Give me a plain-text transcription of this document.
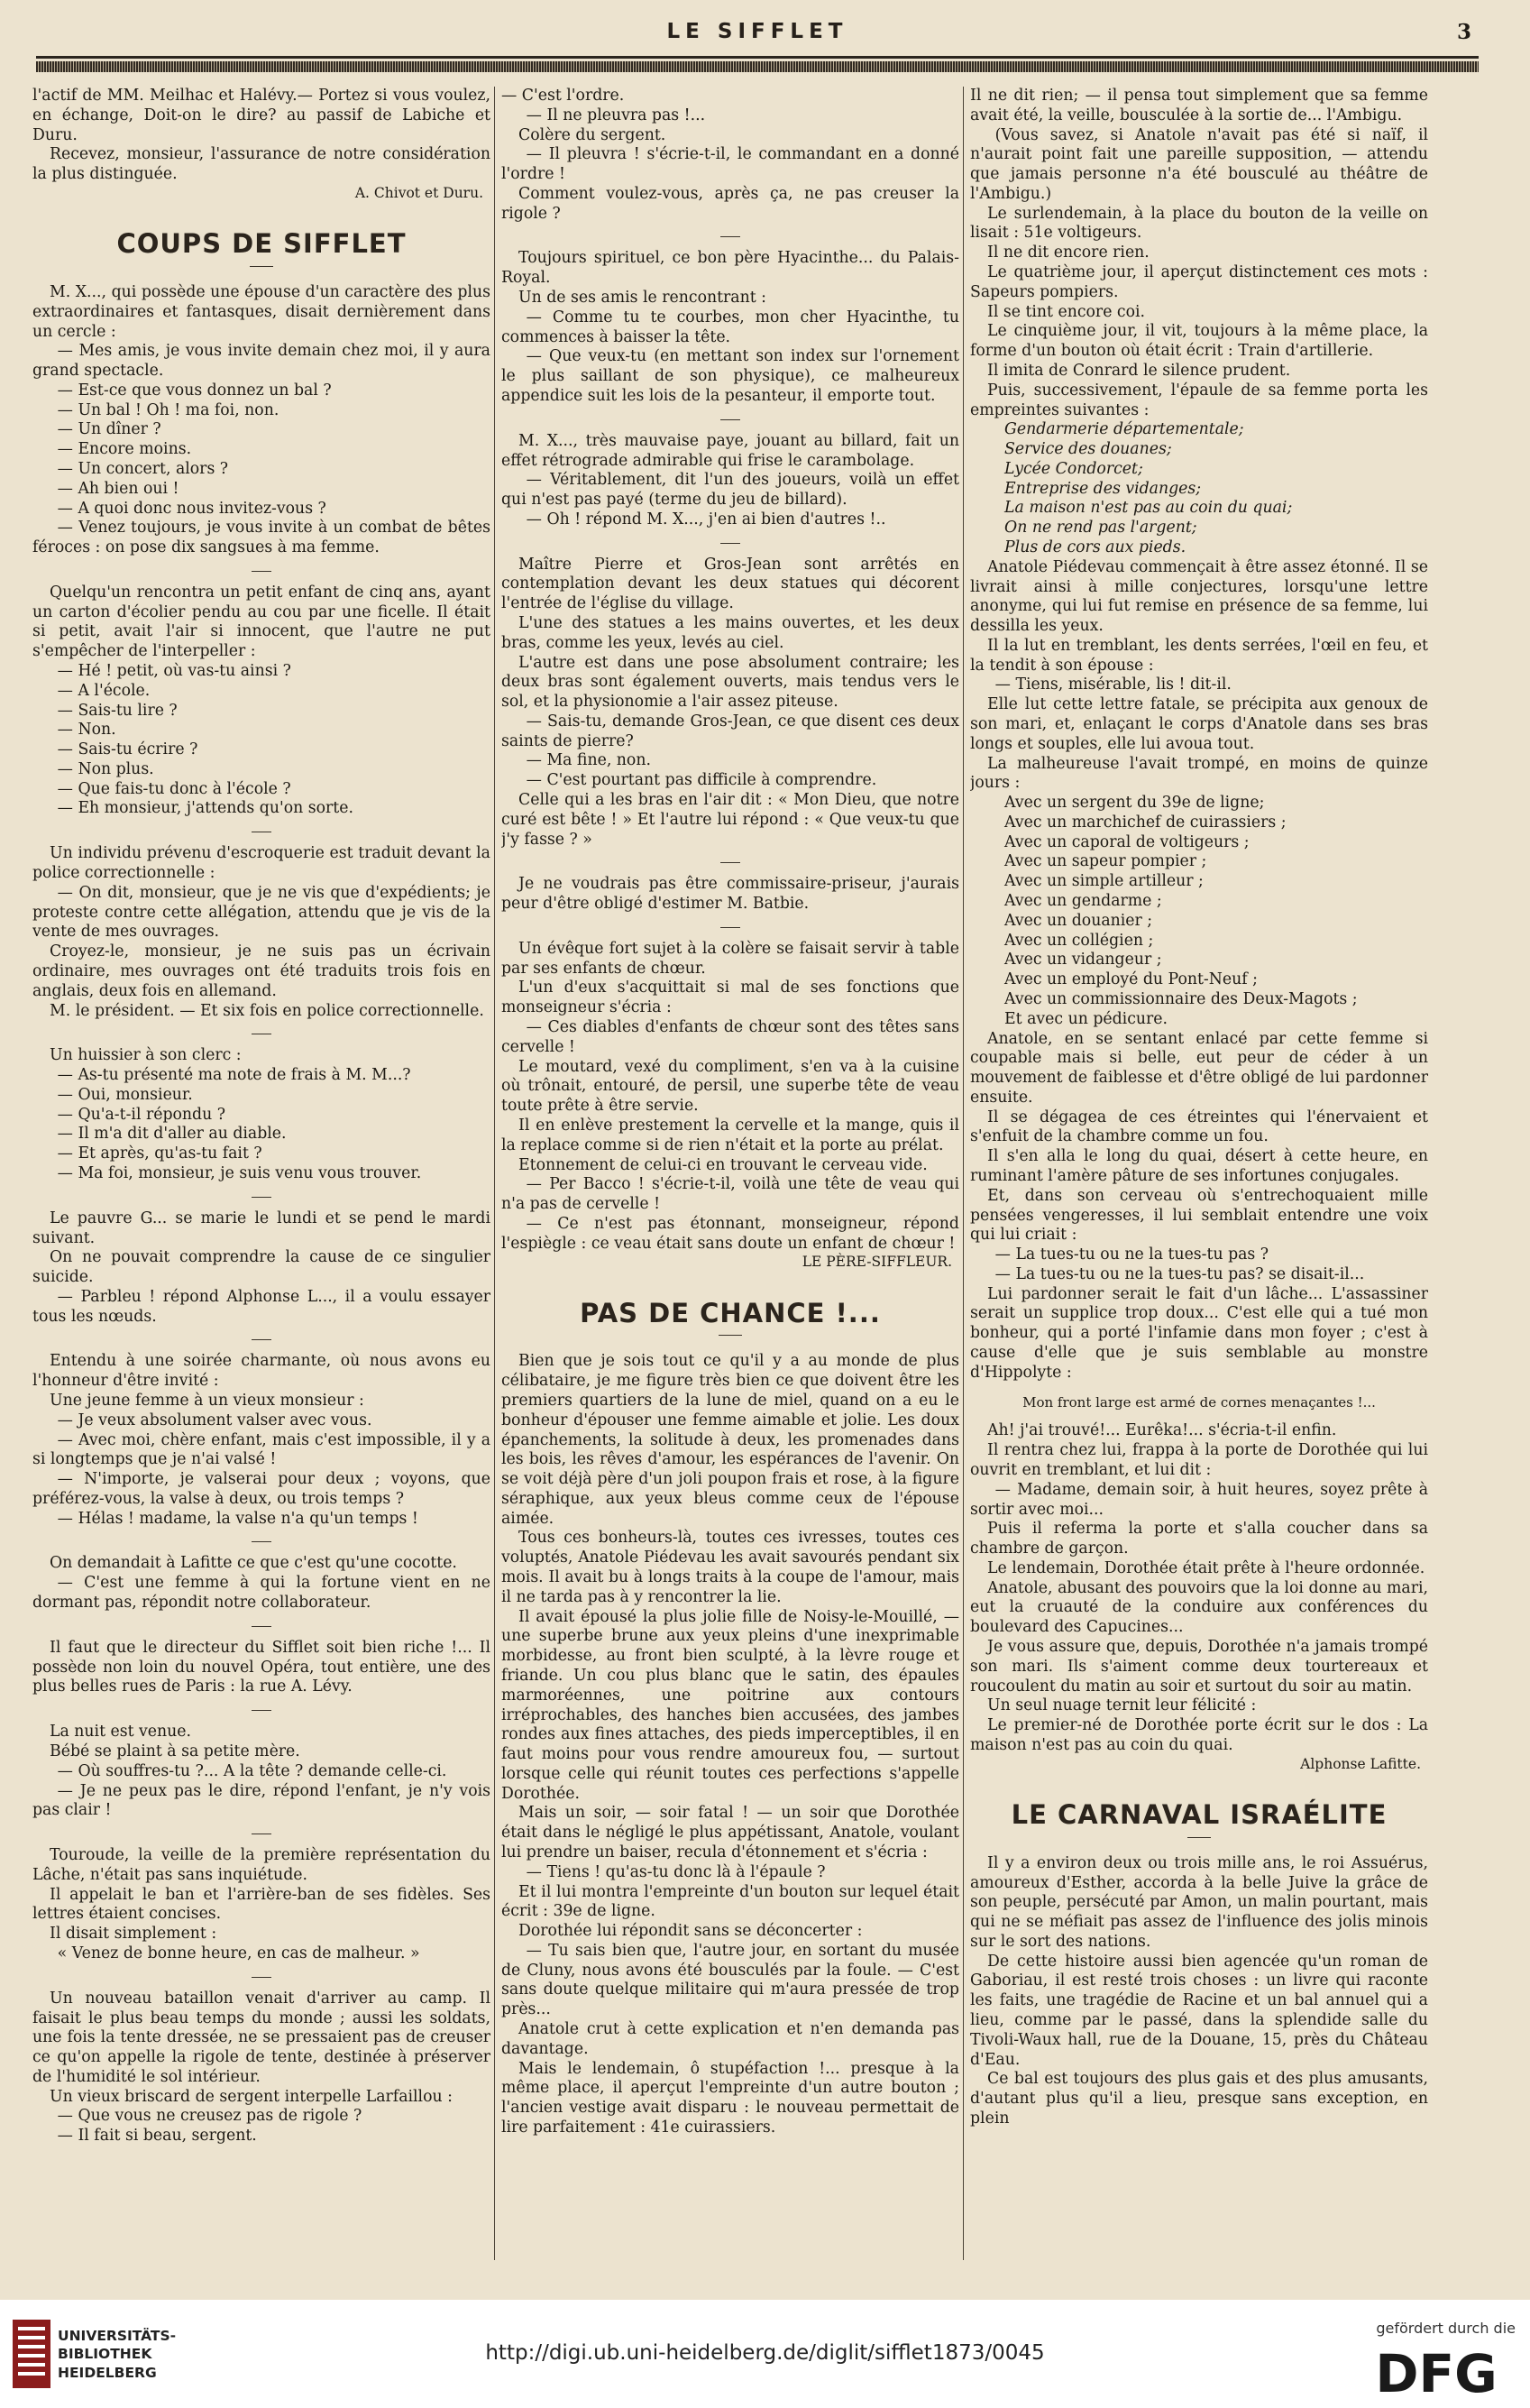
LE SIFFLET	3

l'actif de MM. Meilhac et Halévy.— Portez si vous voulez, en échange, Doit-on le dire? au passif de Labiche et Duru.

Recevez, monsieur, l'assurance de notre considération la plus distinguée.

A. Chivot et Duru.

COUPS DE SIFFLET

M. X..., qui possède une épouse d'un caractère des plus extraordinaires et fantasques, disait dernièrement dans un cercle :

— Mes amis, je vous invite demain chez moi, il y aura grand spectacle.

— Est-ce que vous donnez un bal ?

— Un bal ! Oh ! ma foi, non.

— Un dîner ?

— Encore moins.

— Un concert, alors ?

— Ah bien oui !

— A quoi donc nous invitez-vous ?

— Venez toujours, je vous invite à un combat de bêtes féroces : on pose dix sangsues à ma femme.

Quelqu'un rencontra un petit enfant de cinq ans, ayant un carton d'écolier pendu au cou par une ficelle. Il était si petit, avait l'air si innocent, que l'autre ne put s'empêcher de l'interpeller :

— Hé ! petit, où vas-tu ainsi ?

— A l'école.

— Sais-tu lire ?

— Non.

— Sais-tu écrire ?

— Non plus.

— Que fais-tu donc à l'école ?

— Eh monsieur, j'attends qu'on sorte.

Un individu prévenu d'escroquerie est traduit devant la police correctionnelle :

— On dit, monsieur, que je ne vis que d'expédients; je proteste contre cette allégation, attendu que je vis de la vente de mes ouvrages.

Croyez-le, monsieur, je ne suis pas un écrivain ordinaire, mes ouvrages ont été traduits trois fois en anglais, deux fois en allemand.

M. le président. — Et six fois en police correctionnelle.

Un huissier à son clerc :

— As-tu présenté ma note de frais à M. M...?

— Oui, monsieur.

— Qu'a-t-il répondu ?

— Il m'a dit d'aller au diable.

— Et après, qu'as-tu fait ?

— Ma foi, monsieur, je suis venu vous trouver.

Le pauvre G... se marie le lundi et se pend le mardi suivant.

On ne pouvait comprendre la cause de ce singulier suicide.

— Parbleu ! répond Alphonse L..., il a voulu essayer tous les nœuds.

Entendu à une soirée charmante, où nous avons eu l'honneur d'être invité :

Une jeune femme à un vieux monsieur :

— Je veux absolument valser avec vous.

— Avec moi, chère enfant, mais c'est impossible, il y a si longtemps que je n'ai valsé !

— N'importe, je valserai pour deux ; voyons, que préférez-vous, la valse à deux, ou trois temps ?

— Hélas ! madame, la valse n'a qu'un temps !

On demandait à Lafitte ce que c'est qu'une cocotte.

— C'est une femme à qui la fortune vient en ne dormant pas, répondit notre collaborateur.

Il faut que le directeur du Sifflet soit bien riche !... Il possède non loin du nouvel Opéra, tout entière, une des plus belles rues de Paris : la rue A. Lévy.

La nuit est venue.

Bébé se plaint à sa petite mère.

— Où souffres-tu ?... A la tête ? demande celle-ci.

— Je ne peux pas le dire, répond l'enfant, je n'y vois pas clair !

Touroude, la veille de la première représentation du Lâche, n'était pas sans inquiétude.

Il appelait le ban et l'arrière-ban de ses fidèles. Ses lettres étaient concises.

Il disait simplement :

« Venez de bonne heure, en cas de malheur. »

Un nouveau bataillon venait d'arriver au camp. Il faisait le plus beau temps du monde ; aussi les soldats, une fois la tente dressée, ne se pressaient pas de creuser ce qu'on appelle la rigole de tente, destinée à préserver de l'humidité le sol intérieur.

Un vieux briscard de sergent interpelle Larfaillou :

— Que vous ne creusez pas de rigole ?

— Il fait si beau, sergent.

— C'est l'ordre.

— Il ne pleuvra pas !...

Colère du sergent.

— Il pleuvra ! s'écrie-t-il, le commandant en a donné l'ordre !

Comment voulez-vous, après ça, ne pas creuser la rigole ?

Toujours spirituel, ce bon père Hyacinthe... du Palais-Royal.

Un de ses amis le rencontrant :

— Comme tu te courbes, mon cher Hyacinthe, tu commences à baisser la tête.

— Que veux-tu (en mettant son index sur l'ornement le plus saillant de son physique), ce malheureux appendice suit les lois de la pesanteur, il emporte tout.

M. X..., très mauvaise paye, jouant au billard, fait un effet rétrograde admirable qui frise le carambolage.

— Véritablement, dit l'un des joueurs, voilà un effet qui n'est pas payé (terme du jeu de billard).

— Oh ! répond M. X..., j'en ai bien d'autres !..

Maître Pierre et Gros-Jean sont arrêtés en contemplation devant les deux statues qui décorent l'entrée de l'église du village.

L'une des statues a les mains ouvertes, et les deux bras, comme les yeux, levés au ciel.

L'autre est dans une pose absolument contraire; les deux bras sont également ouverts, mais tendus vers le sol, et la physionomie a l'air assez piteuse.

— Sais-tu, demande Gros-Jean, ce que disent ces deux saints de pierre?

— Ma fine, non.

— C'est pourtant pas difficile à comprendre.

Celle qui a les bras en l'air dit : « Mon Dieu, que notre curé est bête ! » Et l'autre lui répond : « Que veux-tu que j'y fasse ? »

Je ne voudrais pas être commissaire-priseur, j'aurais peur d'être obligé d'estimer M. Batbie.

Un évêque fort sujet à la colère se faisait servir à table par ses enfants de chœur.

L'un d'eux s'acquittait si mal de ses fonctions que monseigneur s'écria :

— Ces diables d'enfants de chœur sont des têtes sans cervelle !

Le moutard, vexé du compliment, s'en va à la cuisine où trônait, entouré, de persil, une superbe tête de veau toute prête à être servie.

Il en enlève prestement la cervelle et la mange, quis il la replace comme si de rien n'était et la porte au prélat.

Etonnement de celui-ci en trouvant le cerveau vide.

— Per Bacco ! s'écrie-t-il, voilà une tête de veau qui n'a pas de cervelle !

— Ce n'est pas étonnant, monseigneur, répond l'espiègle : ce veau était sans doute un enfant de chœur !

LE PÈRE-SIFFLEUR.

PAS DE CHANCE !...

Bien que je sois tout ce qu'il y a au monde de plus célibataire, je me figure très bien ce que doivent être les premiers quartiers de la lune de miel, quand on a eu le bonheur d'épouser une femme aimable et jolie. Les doux épanchements, la solitude à deux, les promenades dans les bois, les rêves d'amour, les espérances de l'avenir. On se voit déjà père d'un joli poupon frais et rose, à la figure séraphique, aux yeux bleus comme ceux de l'épouse aimée.

Tous ces bonheurs-là, toutes ces ivresses, toutes ces voluptés, Anatole Piédevau les avait savourés pendant six mois. Il avait bu à longs traits à la coupe de l'amour, mais il ne tarda pas à y rencontrer la lie.

Il avait épousé la plus jolie fille de Noisy-le-Mouillé, —une superbe brune aux yeux pleins d'une inexprimable morbidesse, au front bien sculpté, à la lèvre rouge et friande. Un cou plus blanc que le satin, des épaules marmoréennes, une poitrine aux contours irréprochables, des hanches bien accusées, des jambes rondes aux fines attaches, des pieds imperceptibles, il en faut moins pour vous rendre amoureux fou, — surtout lorsque celle qui réunit toutes ces perfections s'appelle Dorothée.

Mais un soir, — soir fatal ! — un soir que Dorothée était dans le négligé le plus appétissant, Anatole, voulant lui prendre un baiser, recula d'étonnement et s'écria :

— Tiens ! qu'as-tu donc là à l'épaule ?

Et il lui montra l'empreinte d'un bouton sur lequel était écrit : 39e de ligne.

Dorothée lui répondit sans se déconcerter :

— Tu sais bien que, l'autre jour, en sortant du musée de Cluny, nous avons été bousculés par la foule. — C'est sans doute quelque militaire qui m'aura pressée de trop près...

Anatole crut à cette explication et n'en demanda pas davantage.

Mais le lendemain, ô stupéfaction !... presque à la même place, il aperçut l'empreinte d'un autre bouton ; l'ancien vestige avait disparu : le nouveau permettait de lire parfaitement : 41e cuirassiers.

Il ne dit rien; — il pensa tout simplement que sa femme avait été, la veille, bousculée à la sortie de... l'Ambigu.

(Vous savez, si Anatole n'avait pas été si naïf, il n'aurait point fait une pareille supposition, — attendu que jamais personne n'a été bousculé au théâtre de l'Ambigu.)

Le surlendemain, à la place du bouton de la veille on lisait : 51e voltigeurs.

Il ne dit encore rien.

Le quatrième jour, il aperçut distinctement ces mots : Sapeurs pompiers.

Il se tint encore coi.

Le cinquième jour, il vit, toujours à la même place, la forme d'un bouton où était écrit : Train d'artillerie.

Il imita de Conrard le silence prudent.

Puis, successivement, l'épaule de sa femme porta les empreintes suivantes :

Gendarmerie départementale;

Service des douanes;

Lycée Condorcet;

Entreprise des vidanges;

La maison n'est pas au coin du quai;

On ne rend pas l'argent;

Plus de cors aux pieds.

Anatole Piédevau commençait à être assez étonné. Il se livrait ainsi à mille conjectures, lorsqu'une lettre anonyme, qui lui fut remise en présence de sa femme, lui dessilla les yeux.

Il la lut en tremblant, les dents serrées, l'œil en feu, et la tendit à son épouse :

— Tiens, misérable, lis ! dit-il.

Elle lut cette lettre fatale, se précipita aux genoux de son mari, et, enlaçant le corps d'Anatole dans ses bras longs et souples, elle lui avoua tout.

La malheureuse l'avait trompé, en moins de quinze jours :

Avec un sergent du 39e de ligne;

Avec un marchichef de cuirassiers ;

Avec un caporal de voltigeurs ;

Avec un sapeur pompier ;

Avec un simple artilleur ;

Avec un gendarme ;

Avec un douanier ;

Avec un collégien ;

Avec un vidangeur ;

Avec un employé du Pont-Neuf ;

Avec un commissionnaire des Deux-Magots ;

Et avec un pédicure.

Anatole, en se sentant enlacé par cette femme si coupable mais si belle, eut peur de céder à un mouvement de faiblesse et d'être obligé de lui pardonner ensuite.

Il se dégagea de ces étreintes qui l'énervaient et s'enfuit de la chambre comme un fou.

Il s'en alla le long du quai, désert à cette heure, en ruminant l'amère pâture de ses infortunes conjugales.

Et, dans son cerveau où s'entrechoquaient mille pensées vengeresses, il lui semblait entendre une voix qui lui criait :

— La tues-tu ou ne la tues-tu pas ?

— La tues-tu ou ne la tues-tu pas? se disait-il...

Lui pardonner serait le fait d'un lâche... L'assassiner serait un supplice trop doux... C'est elle qui a tué mon bonheur, qui a porté l'infamie dans mon foyer ; c'est à cause d'elle que je suis semblable au monstre d'Hippolyte :

Mon front large est armé de cornes menaçantes !...

Ah! j'ai trouvé!... Eurêka!... s'écria-t-il enfin.

Il rentra chez lui, frappa à la porte de Dorothée qui lui ouvrit en tremblant, et lui dit :

— Madame, demain soir, à huit heures, soyez prête à sortir avec moi...

Puis il referma la porte et s'alla coucher dans sa chambre de garçon.

Le lendemain, Dorothée était prête à l'heure ordonnée.

Anatole, abusant des pouvoirs que la loi donne au mari, eut la cruauté de la conduire aux conférences du boulevard des Capucines...

Je vous assure que, depuis, Dorothée n'a jamais trompé son mari. Ils s'aiment comme deux tourtereaux et roucoulent du matin au soir et surtout du soir au matin.

Un seul nuage ternit leur félicité :

Le premier-né de Dorothée porte écrit sur le dos : La maison n'est pas au coin du quai.

Alphonse Lafitte.

LE CARNAVAL ISRAÉLITE

Il y a environ deux ou trois mille ans, le roi Assuérus, amoureux d'Esther, accorda à la belle Juive la grâce de son peuple, persécuté par Amon, un malin pourtant, mais qui ne se méfiait pas assez de l'influence des jolis minois sur le sort des nations.

De cette histoire aussi bien agencée qu'un roman de Gaboriau, il est resté trois choses : un livre qui raconte les faits, une tragédie de Racine et un bal annuel qui a lieu, comme par le passé, dans la splendide salle du Tivoli-Waux hall, rue de la Douane, 15, près du Château d'Eau.

Ce bal est toujours des plus gais et des plus amusants, d'autant plus qu'il a lieu, presque sans exception, en plein

UNIVERSITÄTS-
BIBLIOTHEK
HEIDELBERG
http://digi.ub.uni-heidelberg.de/diglit/sifflet1873/0045
gefördert durch die
DFG
